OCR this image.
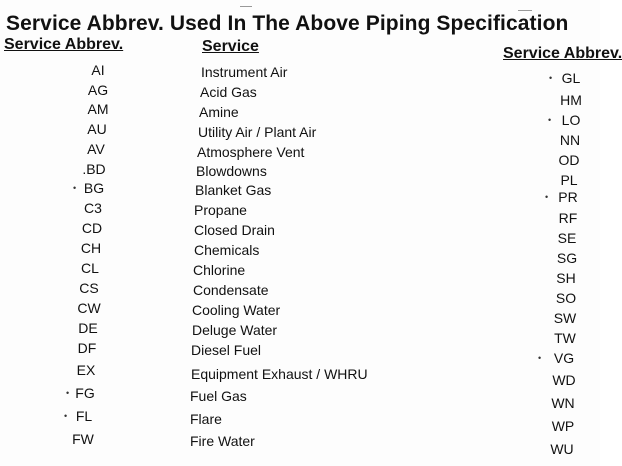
Service Abbrev. Used In The Above Piping Specification
Service Abbrev.	Service	Service Abbrev.
AI
AG
AM
AU
AV
.BD
• BG
C3
CD
CH
CL
CS
CW
DE
DF
EX
• FG
• FL
FW
Instrument Air
Acid Gas
Amine
Utility Air / Plant Air
Atmosphere Vent
Blowdowns
Blanket Gas
Propane
Closed Drain
Chemicals
Chlorine
Condensate
Cooling Water
Deluge Water
Diesel Fuel
Equipment Exhaust / WHRU
Fuel Gas
Flare
Fire Water
• GL
HM
• LO
NN
OD
PL
• PR
RF
SE
SG
SH
SO
SW
TW
• VG
WD
WN
WP
WU
